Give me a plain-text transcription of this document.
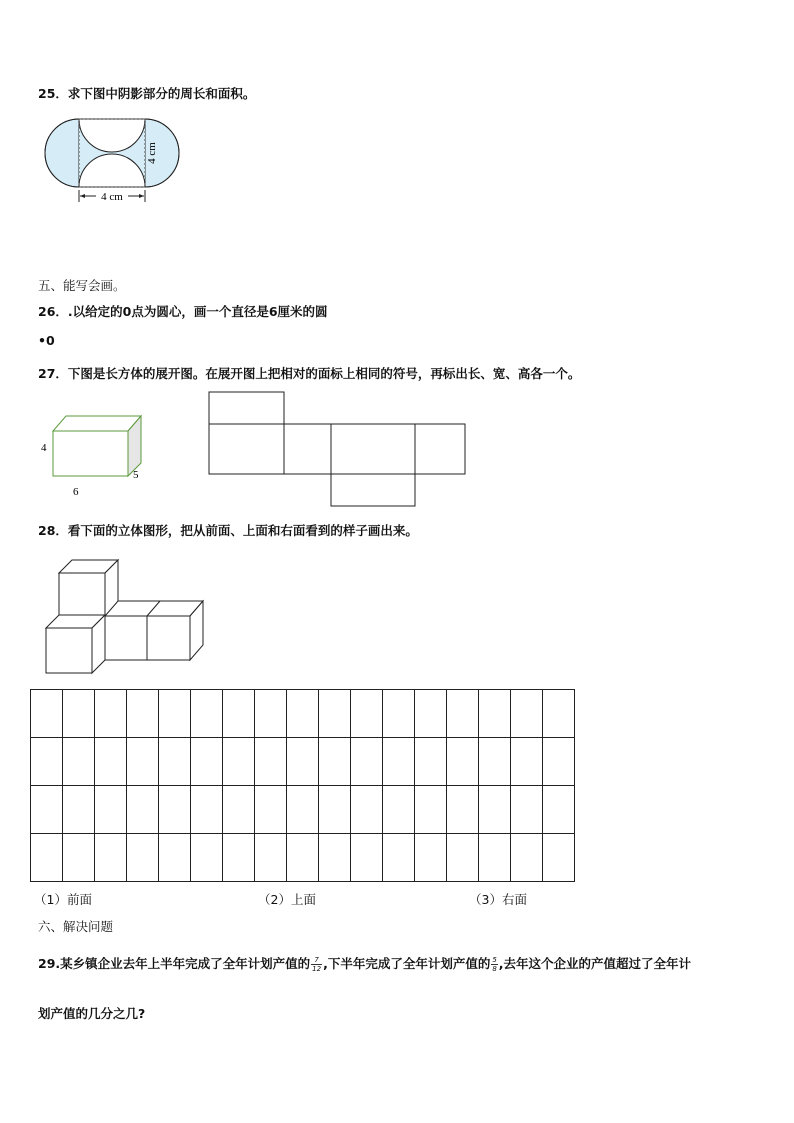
25．求下图中阴影部分的周长和面积。
4 cm
4 cm
五、能写会画。
26．.以给定的0点为圆心，画一个直径是6厘米的圆
•0
27．下图是长方体的展开图。在展开图上把相对的面标上相同的符号，再标出长、宽、高各一个。
4
5
6
28．看下面的立体图形，把从前面、上面和右面看到的样子画出来。

（1）前面	（2）上面	（3）右面
六、解决问题
29.某乡镇企业去年上半年完成了全年计划产值的 $\frac{7}{12}$ ,下半年完成了全年计划产值的 $\frac{5}{8}$ ,去年这个企业的产值超过了全年计
划产值的几分之几?
